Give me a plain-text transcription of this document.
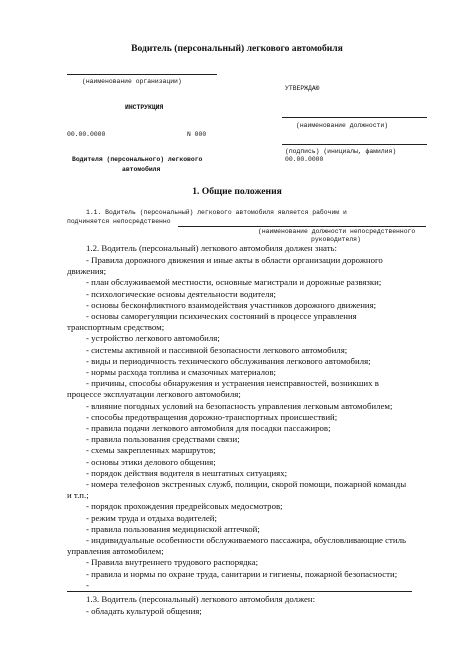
Водитель (персональный) легкового автомобиля
(наименование организации)
УТВЕРЖДАЮ
ИНСТРУКЦИЯ
(наименование должности)
00.00.0000	N 000
(подпись) (инициалы, фамилия)
Водителя (персонального) легкового	00.00.0000
автомобиля
1. Общие положения
1.1. Водитель (персональный) легкового автомобиля является рабочим и
подчиняется непосредственно
(наименование должности непосредственного
руководителя)
1.2. Водитель (персональный) легкового автомобиля должен знать:
- Правила дорожного движения и иные акты в области организации дорожного
движения;
- план обслуживаемой местности, основные магистрали и дорожные развязки;
- психологические основы деятельности водителя;
- основы бесконфликтного взаимодействия участников дорожного движения;
- основы саморегуляции психических состояний в процессе управления
транспортным средством;
- устройство легкового автомобиля;
- системы активной и пассивной безопасности легкового автомобиля;
- виды и периодичность технического обслуживания легкового автомобиля;
- нормы расхода топлива и смазочных материалов;
- причины, способы обнаружения и устранения неисправностей, возникших в
процессе эксплуатации легкового автомобиля;
- влияние погодных условий на безопасность управления легковым автомобилем;
- способы предотвращения дорожно-транспортных происшествий;
- правила подачи легкового автомобиля для посадки пассажиров;
- правила пользования средствами связи;
- схемы закрепленных маршрутов;
- основы этики делового общения;
- порядок действия водителя в нештатных ситуациях;
- номера телефонов экстренных служб, полиции, скорой помощи, пожарной команды
и т.п.;
- порядок прохождения предрейсовых медосмотров;
- режим труда и отдыха водителей;
- правила пользования медицинской аптечкой;
- индивидуальные особенности обслуживаемого пассажира, обусловливающие стиль
управления автомобилем;
- Правила внутреннего трудового распорядка;
- правила и нормы по охране труда, санитарии и гигиены, пожарной безопасности;
-
1.3. Водитель (персональный) легкового автомобиля должен:
- обладать культурой общения;
